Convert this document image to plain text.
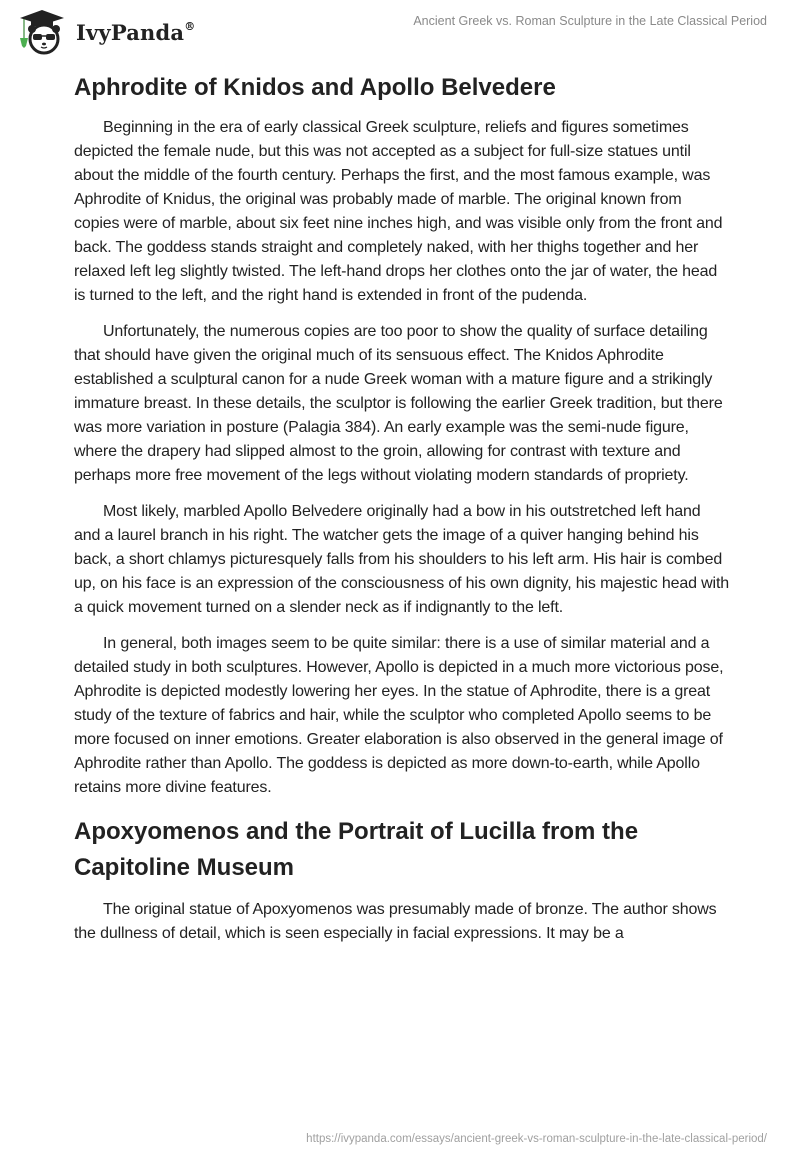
IvyPanda®	Ancient Greek vs. Roman Sculpture in the Late Classical Period
Aphrodite of Knidos and Apollo Belvedere

Beginning in the era of early classical Greek sculpture, reliefs and figures sometimes depicted the female nude, but this was not accepted as a subject for full-size statues until about the middle of the fourth century. Perhaps the first, and the most famous example, was Aphrodite of Knidus, the original was probably made of marble. The original known from copies were of marble, about six feet nine inches high, and was visible only from the front and back. The goddess stands straight and completely naked, with her thighs together and her relaxed left leg slightly twisted. The left-hand drops her clothes onto the jar of water, the head is turned to the left, and the right hand is extended in front of the pudenda.

Unfortunately, the numerous copies are too poor to show the quality of surface detailing that should have given the original much of its sensuous effect. The Knidos Aphrodite established a sculptural canon for a nude Greek woman with a mature figure and a strikingly immature breast. In these details, the sculptor is following the earlier Greek tradition, but there was more variation in posture (Palagia 384). An early example was the semi-nude figure, where the drapery had slipped almost to the groin, allowing for contrast with texture and perhaps more free movement of the legs without violating modern standards of propriety.

Most likely, marbled Apollo Belvedere originally had a bow in his outstretched left hand and a laurel branch in his right. The watcher gets the image of a quiver hanging behind his back, a short chlamys picturesquely falls from his shoulders to his left arm. His hair is combed up, on his face is an expression of the consciousness of his own dignity, his majestic head with a quick movement turned on a slender neck as if indignantly to the left.

In general, both images seem to be quite similar: there is a use of similar material and a detailed study in both sculptures. However, Apollo is depicted in a much more victorious pose, Aphrodite is depicted modestly lowering her eyes. In the statue of Aphrodite, there is a great study of the texture of fabrics and hair, while the sculptor who completed Apollo seems to be more focused on inner emotions. Greater elaboration is also observed in the general image of Aphrodite rather than Apollo. The goddess is depicted as more down-to-earth, while Apollo retains more divine features.

Apoxyomenos and the Portrait of Lucilla from the Capitoline Museum

The original statue of Apoxyomenos was presumably made of bronze. The author shows the dullness of detail, which is seen especially in facial expressions. It may be a

https://ivypanda.com/essays/ancient-greek-vs-roman-sculpture-in-the-late-classical-period/
